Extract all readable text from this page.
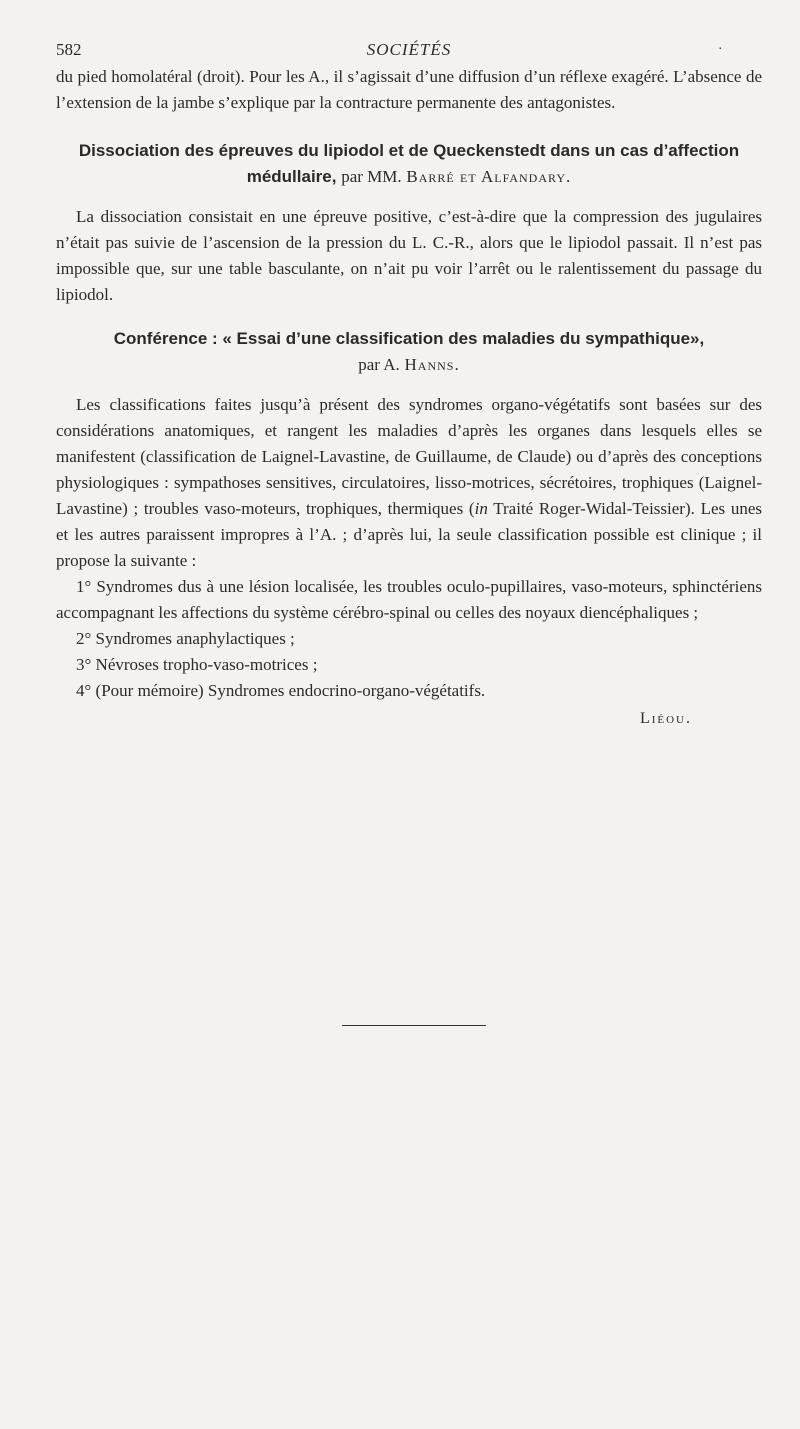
582	SOCIÉTÉS	.

du pied homolatéral (droit). Pour les A., il s’agissait d’une diffusion d’un réflexe exagéré. L’absence de l’extension de la jambe s’explique par la contracture permanente des antagonistes.

Dissociation des épreuves du lipiodol et de Queckenstedt dans un cas d’affection médullaire, par MM. Barré et Alfandary.

La dissociation consistait en une épreuve positive, c’est-à-dire que la compression des jugulaires n’était pas suivie de l’ascension de la pression du L. C.-R., alors que le lipiodol passait. Il n’est pas impossible que, sur une table basculante, on n’ait pu voir l’arrêt ou le ralentissement du passage du lipiodol.

Conférence : « Essai d’une classification des maladies du sympathique»,
par A. Hanns.

Les classifications faites jusqu’à présent des syndromes organo-végétatifs sont basées sur des considérations anatomiques, et rangent les maladies d’après les organes dans lesquels elles se manifestent (classification de Laignel-Lavastine, de Guillaume, de Claude) ou d’après des conceptions physiologiques : sympathoses sensitives, circulatoires, lisso-motrices, sécrétoires, trophiques (Laignel-Lavastine) ; troubles vaso-moteurs, trophiques, thermiques (in Traité Roger-Widal-Teissier). Les unes et les autres paraissent impropres à l’A. ; d’après lui, la seule classification possible est clinique ; il propose la suivante :

1° Syndromes dus à une lésion localisée, les troubles oculo-pupillaires, vaso-moteurs, sphinctériens accompagnant les affections du système cérébro-spinal ou celles des noyaux diencéphaliques ;

2° Syndromes anaphylactiques ;

3° Névroses tropho-vaso-motrices ;

4° (Pour mémoire) Syndromes endocrino-organo-végétatifs.

Liéou.
